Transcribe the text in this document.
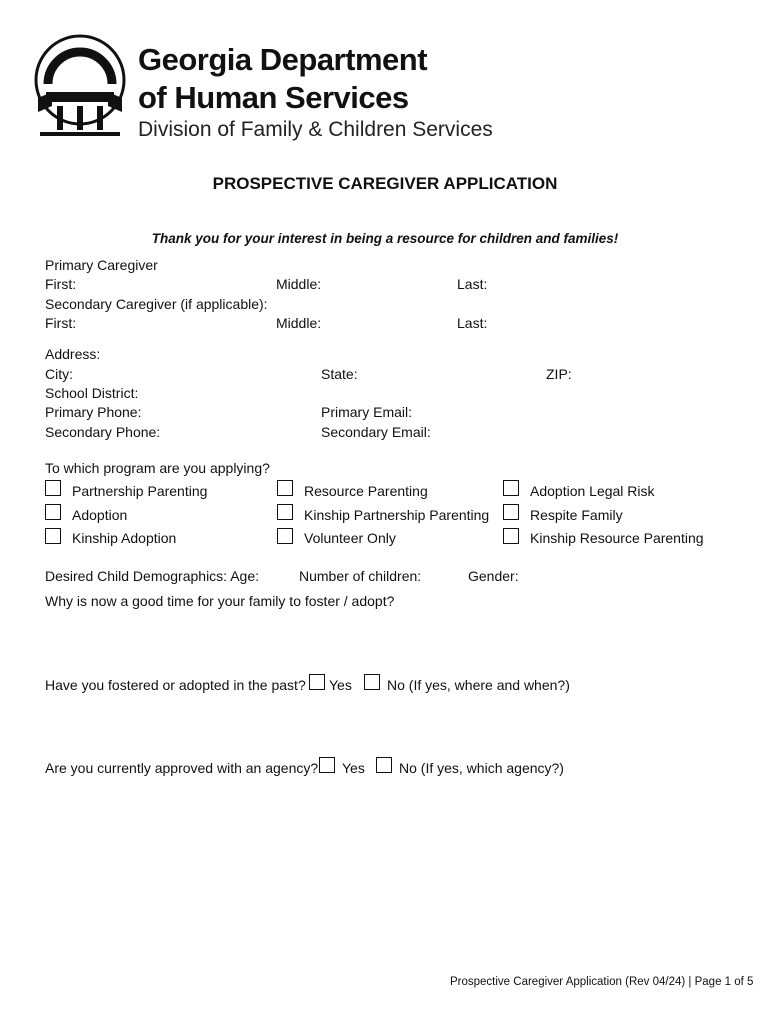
Georgia Department
of Human Services
Division of Family & Children Services
PROSPECTIVE CAREGIVER APPLICATION
Thank you for your interest in being a resource for children and families!
Primary Caregiver
First:	Middle:	Last:
Secondary Caregiver (if applicable):
First:	Middle:	Last:
Address:
City:	State:	ZIP:
School District:
Primary Phone:	Primary Email:
Secondary Phone:	Secondary Email:
To which program are you applying?
Partnership Parenting	Resource Parenting	Adoption Legal Risk
Adoption	Kinship Partnership Parenting	Respite Family
Kinship Adoption	Volunteer Only	Kinship Resource Parenting
Desired Child Demographics: Age:	Number of children:	Gender:
Why is now a good time for your family to foster / adopt?
Have you fostered or adopted in the past? Yes	No (If yes, where and when?)
Are you currently approved with an agency? Yes No (If yes, which agency?)
Prospective Caregiver Application (Rev 04/24) | Page 1 of 5
